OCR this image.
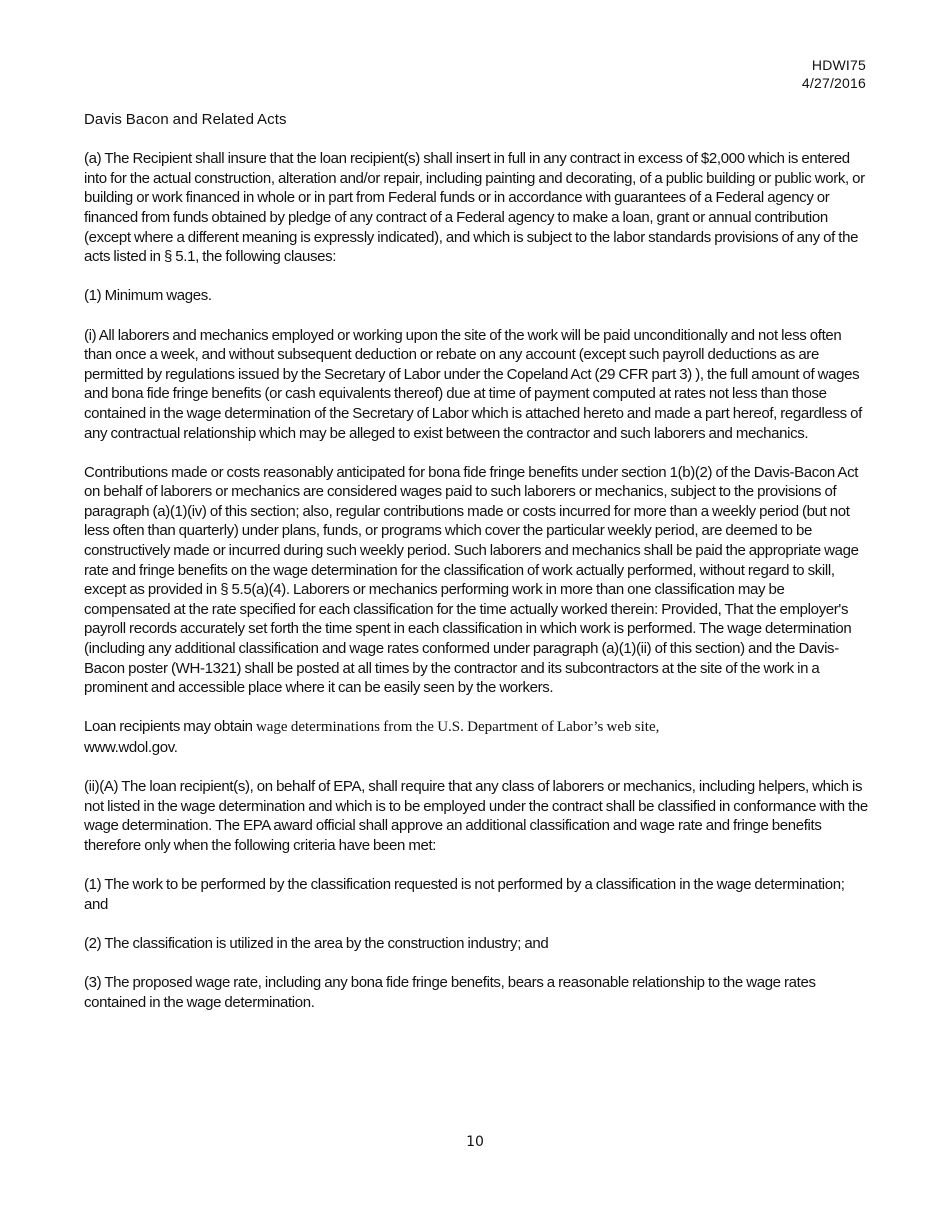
HDWI75
4/27/2016

Davis Bacon and Related Acts

(a) The Recipient shall insure that the loan recipient(s) shall insert in full in any contract in excess of $2,000 which is entered into for the actual construction, alteration and/or repair, including painting and decorating, of a public building or public work, or building or work financed in whole or in part from Federal funds or in accordance with guarantees of a Federal agency or financed from funds obtained by pledge of any contract of a Federal agency to make a loan, grant or annual contribution (except where a different meaning is expressly indicated), and which is subject to the labor standards provisions of any of the acts listed in § 5.1, the following clauses:

(1) Minimum wages.

(i) All laborers and mechanics employed or working upon the site of the work will be paid unconditionally and not less often than once a week, and without subsequent deduction or rebate on any account (except such payroll deductions as are permitted by regulations issued by the Secretary of Labor under the Copeland Act (29 CFR part 3) ), the full amount of wages and bona fide fringe benefits (or cash equivalents thereof) due at time of payment computed at rates not less than those contained in the wage determination of the Secretary of Labor which is attached hereto and made a part hereof, regardless of any contractual relationship which may be alleged to exist between the contractor and such laborers and mechanics.

Contributions made or costs reasonably anticipated for bona fide fringe benefits under section 1(b)(2) of the Davis-Bacon Act on behalf of laborers or mechanics are considered wages paid to such laborers or mechanics, subject to the provisions of paragraph (a)(1)(iv) of this section; also, regular contributions made or costs incurred for more than a weekly period (but not less often than quarterly) under plans, funds, or programs which cover the particular weekly period, are deemed to be constructively made or incurred during such weekly period. Such laborers and mechanics shall be paid the appropriate wage rate and fringe benefits on the wage determination for the classification of work actually performed, without regard to skill, except as provided in § 5.5(a)(4). Laborers or mechanics performing work in more than one classification may be compensated at the rate specified for each classification for the time actually worked therein: Provided, That the employer's payroll records accurately set forth the time spent in each classification in which work is performed. The wage determination (including any additional classification and wage rates conformed under paragraph (a)(1)(ii) of this section) and the Davis-Bacon poster (WH-1321) shall be posted at all times by the contractor and its subcontractors at the site of the work in a prominent and accessible place where it can be easily seen by the workers.

Loan recipients may obtain wage determinations from the U.S. Department of Labor’s web site,
www.wdol.gov.

(ii)(A) The loan recipient(s), on behalf of EPA, shall require that any class of laborers or mechanics, including helpers, which is not listed in the wage determination and which is to be employed under the contract shall be classified in conformance with the wage determination. The EPA award official shall approve an additional classification and wage rate and fringe benefits therefore only when the following criteria have been met:

(1) The work to be performed by the classification requested is not performed by a classification in the wage determination; and

(2) The classification is utilized in the area by the construction industry; and

(3) The proposed wage rate, including any bona fide fringe benefits, bears a reasonable relationship to the wage rates contained in the wage determination.

10
